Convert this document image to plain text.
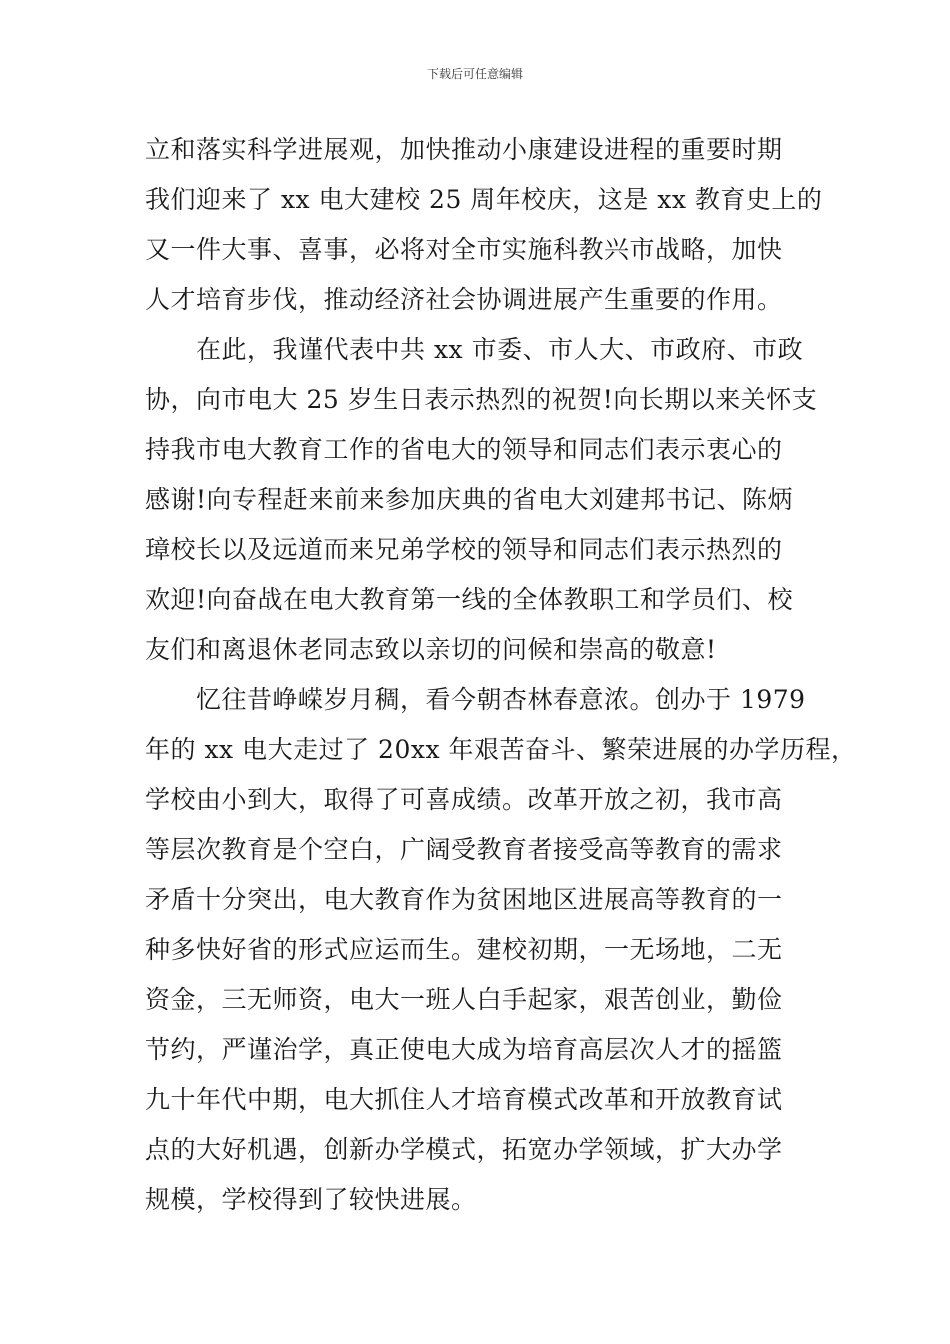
下载后可任意编辑
立和落实科学进展观，加快推动小康建设进程的重要时期
我们迎来了 xx 电大建校 25 周年校庆，这是 xx 教育史上的
又一件大事、喜事，必将对全市实施科教兴市战略，加快
人才培育步伐，推动经济社会协调进展产生重要的作用。
　　在此，我谨代表中共 xx 市委、市人大、市政府、市政
协，向市电大 25 岁生日表示热烈的祝贺!向长期以来关怀支
持我市电大教育工作的省电大的领导和同志们表示衷心的
感谢!向专程赶来前来参加庆典的省电大刘建邦书记、陈炳
璋校长以及远道而来兄弟学校的领导和同志们表示热烈的
欢迎!向奋战在电大教育第一线的全体教职工和学员们、校
友们和离退休老同志致以亲切的问候和崇高的敬意!
　　忆往昔峥嵘岁月稠，看今朝杏林春意浓。创办于 1979
年的 xx 电大走过了 20xx 年艰苦奋斗、繁荣进展的办学历程，
学校由小到大，取得了可喜成绩。改革开放之初，我市高
等层次教育是个空白，广阔受教育者接受高等教育的需求
矛盾十分突出，电大教育作为贫困地区进展高等教育的一
种多快好省的形式应运而生。建校初期，一无场地，二无
资金，三无师资，电大一班人白手起家，艰苦创业，勤俭
节约，严谨治学，真正使电大成为培育高层次人才的摇篮
九十年代中期，电大抓住人才培育模式改革和开放教育试
点的大好机遇，创新办学模式，拓宽办学领域，扩大办学
规模，学校得到了较快进展。
